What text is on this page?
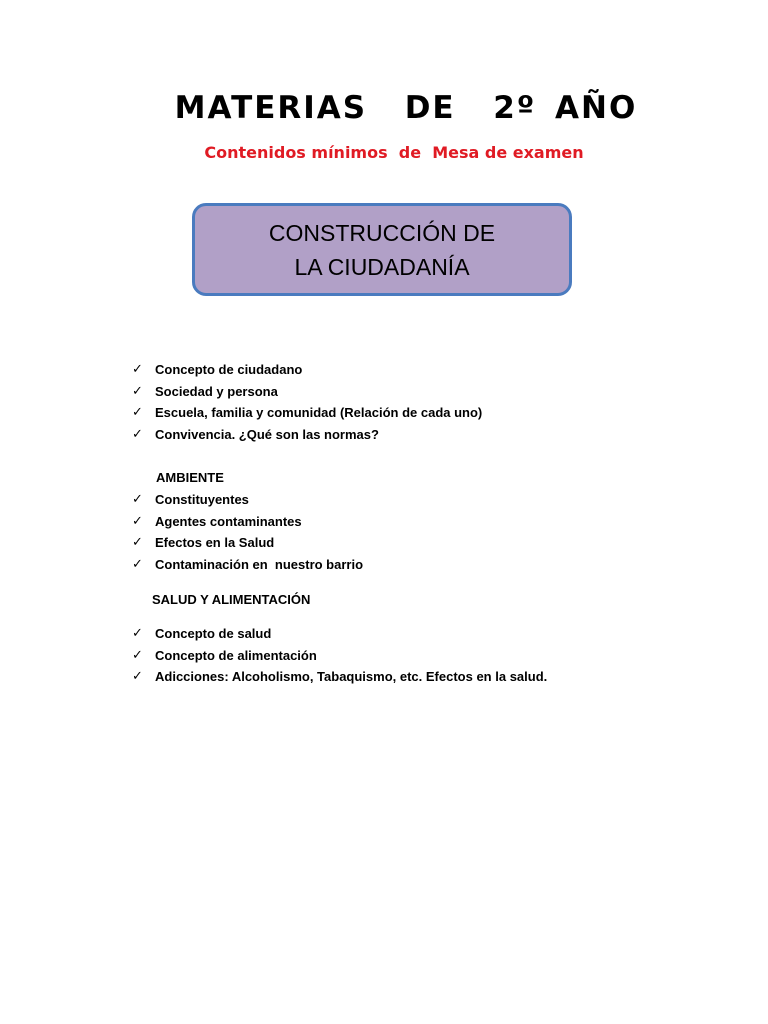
MATERIAS  DE  2º AÑO
Contenidos mínimos  de  Mesa de examen
CONSTRUCCIÓN DE LA CIUDADANÍA
✓ Concepto de ciudadano
✓ Sociedad y persona
✓ Escuela, familia y comunidad (Relación de cada uno)
✓ Convivencia. ¿Qué son las normas?
AMBIENTE
✓ Constituyentes
✓ Agentes contaminantes
✓ Efectos en la Salud
✓ Contaminación en  nuestro barrio
SALUD Y ALIMENTACIÓN
✓ Concepto de salud
✓ Concepto de alimentación
✓ Adicciones: Alcoholismo, Tabaquismo, etc. Efectos en la salud.
